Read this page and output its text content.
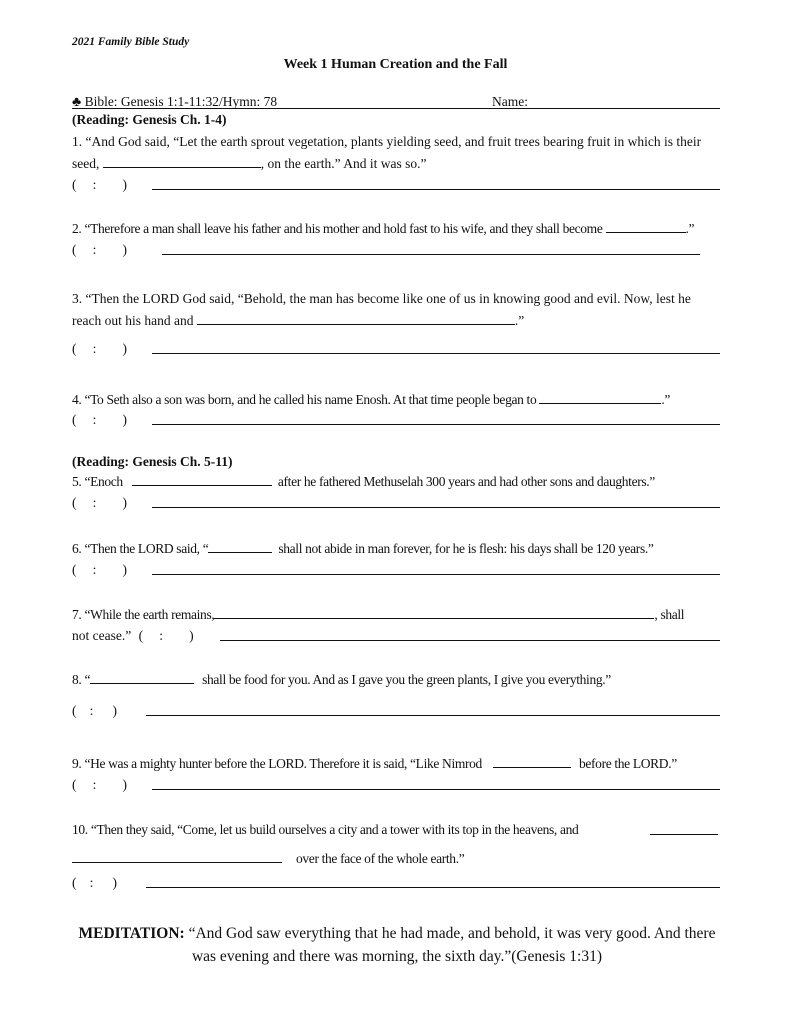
2021 Family Bible Study
Week 1 Human Creation and the Fall
♣ Bible: Genesis 1:1-11:32/Hymn: 78	Name:
(Reading: Genesis Ch. 1-4)
1. “And God said, “Let the earth sprout vegetation, plants yielding seed, and fruit trees bearing fruit in which is their seed,	, on the earth.” And it was so.”
( : )
2. “Therefore a man shall leave his father and his mother and hold fast to his wife, and they shall become	.”
( : )
3. “Then the LORD God said, “Behold, the man has become like one of us in knowing good and evil. Now, lest he reach out his hand and	.”
( : )
4. “To Seth also a son was born, and he called his name Enosh. At that time people began to	.”
( : )
(Reading: Genesis Ch. 5-11)
5. “Enoch	after he fathered Methuselah 300 years and had other sons and daughters.”
( : )
6. “Then the LORD said, “	shall not abide in man forever, for he is flesh: his days shall be 120 years.”
( : )
7. “While the earth remains,	, shall
not cease.” ( : )
8. “	shall be food for you. And as I gave you the green plants, I give you everything.”
( : )
9. “He was a mighty hunter before the LORD. Therefore it is said, “Like Nimrod	before the LORD.”
( : )
10. “Then they said, “Come, let us build ourselves a city and a tower with its top in the heavens, and
over the face of the whole earth.”
( : )
MEDITATION: “And God saw everything that he had made, and behold, it was very good. And there was evening and there was morning, the sixth day.”(Genesis 1:31)
